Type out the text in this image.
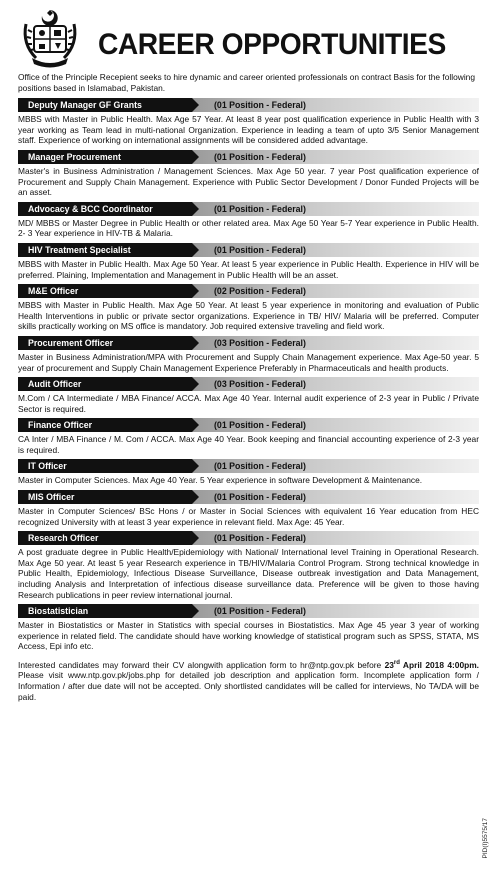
CAREER OPPORTUNITIES

Office of the Principle Recepient seeks to hire dynamic and career oriented professionals on contract Basis for the following positions based in Islamabad, Pakistan.

Deputy Manager GF Grants	(01 Position - Federal)

MBBS with Master in Public Health. Max Age 57 Year. At least 8 year post qualification experience in Public Health with 3 year working as Team lead in multi-national Organization. Experience in leading a team of upto 3/5 Senior Management staff. Experience of working on international assignments will be considered added advantage.

Manager Procurement	(01 Position - Federal)

Master's in Business Administration / Management Sciences. Max Age 50 year. 7 year Post qualification experience of Procurement and Supply Chain Management. Experience with Public Sector Development / Donor Funded Projects will be an asset.

Advocacy & BCC Coordinator	(01 Position - Federal)

MD/ MBBS or Master Degree in Public Health or other related area. Max Age 50 Year 5-7 Year experience in Public Health. 2- 3 Year experience in HIV-TB & Malaria.

HIV Treatment Specialist	(01 Position - Federal)

MBBS with Master in Public Health. Max Age 50 Year. At least 5 year experience in Public Health. Experience in HIV will be preferred. Plaining, Implementation and Management in Public Health will be an asset.

M&E Officer	(02 Position - Federal)

MBBS with Master in Public Health. Max Age 50 Year. At least 5 year experience in monitoring and evaluation of Public Health Interventions in public or private sector organizations. Experience in TB/ HIV/ Malaria will be preferred. Computer skills practically working on MS office is mandatory. Job required extensive traveling and field work.

Procurement Officer	(03 Position - Federal)

Master in Business Administration/MPA with Procurement and Supply Chain Management experience. Max Age-50 year. 5 year of procurement and Supply Chain Management Experience Preferably in Pharmaceuticals and health products.

Audit Officer	(03 Position - Federal)

M.Com / CA Intermediate / MBA Finance/ ACCA. Max Age 40 Year. Internal audit experience of 2-3 year in Public / Private Sector is required.

Finance Officer	(01 Position - Federal)

CA Inter / MBA Finance / M. Com / ACCA. Max Age 40 Year. Book keeping and financial accounting experience of 2-3 year is required.

IT Officer	(01 Position - Federal)

Master in Computer Sciences. Max Age 40 Year. 5 Year experience in software Development & Maintenance.

MIS Officer	(01 Position - Federal)

Master in Computer Sciences/ BSc Hons / or Master in Social Sciences with equivalent 16 Year education from HEC recognized University with at least 3 year experience in relevant field. Max Age: 45 Year.

Research Officer	(01 Position - Federal)

A post graduate degree in Public Health/Epidemiology with National/ International level Training in Operational Research. Max Age 50 year. At least 5 year Research experience in TB/HIV/Malaria Control Program. Strong technical knowledge in Public Health, Epidemiology, Infectious Disease Surveillance, Disease outbreak investigation and Data Management, including Analysis and Interpretation of infectious disease surveillance data. Preference will be given to those having Research publications in peer review international journal.

Biostatistician	(01 Position - Federal)

Master in Biostatistics or Master in Statistics with special courses in Biostatistics. Max Age 45 year 3 year of working experience in related field. The candidate should have working knowledge of statistical program such as SPSS, STATA, MS Access, Epi info etc.

Interested candidates may forward their CV alongwith application form to hr@ntp.gov.pk before 23rd April 2018 4:00pm. Please visit www.ntp.gov.pk/jobs.php for detailed job description and application form. Incomplete application form / Information / after due date will not be accepted. Only shortlisted candidates will be called for interviews, No TA/DA will be paid.
PID(I)5575/17
